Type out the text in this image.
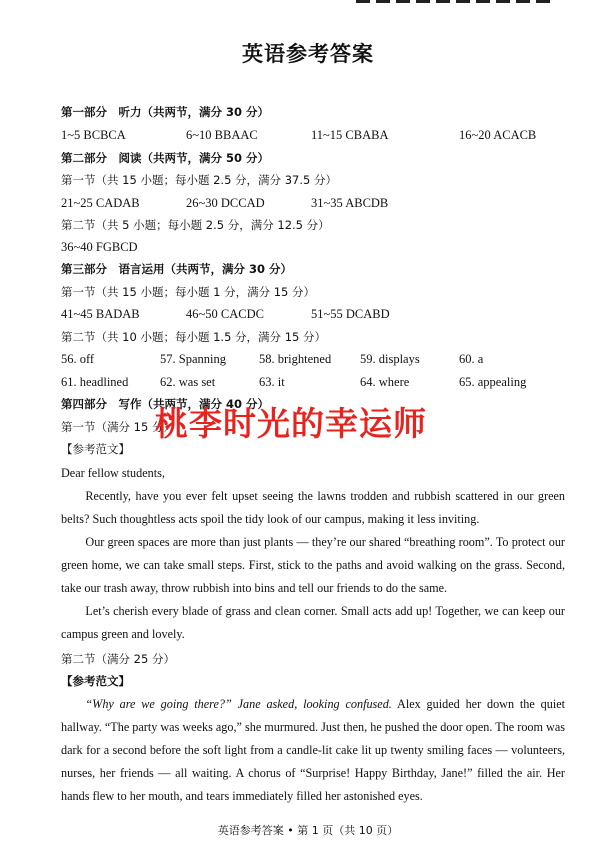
英语参考答案
第一部分　听力（共两节，满分 30 分）
1~5 BCBCA	6~10 BBAAC	11~15 CBABA	16~20 ACACB
第二部分　阅读（共两节，满分 50 分）
第一节（共 15 小题；每小题 2.5 分，满分 37.5 分）
21~25 CADAB	26~30 DCCAD	31~35 ABCDB
第二节（共 5 小题；每小题 2.5 分，满分 12.5 分）
36~40 FGBCD
第三部分　语言运用（共两节，满分 30 分）
第一节（共 15 小题；每小题 1 分，满分 15 分）
41~45 BADAB	46~50 CACDC	51~55 DCABD
第二节（共 10 小题；每小题 1.5 分，满分 15 分）
56. off	57. Spanning	58. brightened 59. displays	60. a
61. headlined	62. was set	63. it	64. where	65. appealing
第四部分　写作（共两节，满分 40 分）
第一节（满分 15 分）
【参考范文】
Dear fellow students,
Recently, have you ever felt upset seeing the lawns trodden and rubbish scattered in our green belts? Such thoughtless acts spoil the tidy look of our campus, making it less inviting.
Our green spaces are more than just plants — they’re our shared “breathing room”. To protect our green home, we can take small steps. First, stick to the paths and avoid walking on the grass. Second, take our trash away, throw rubbish into bins and tell our friends to do the same.
Let’s cherish every blade of grass and clean corner. Small acts add up! Together, we can keep our campus green and lovely.
第二节（满分 25 分）
【参考范文】
“Why are we going there?” Jane asked, looking confused. Alex guided her down the quiet hallway. “The party was weeks ago,” she murmured. Just then, he pushed the door open. The room was dark for a second before the soft light from a candle-lit cake lit up twenty smiling faces — volunteers, nurses, her friends — all waiting. A chorus of “Surprise! Happy Birthday, Jane!” filled the air. Her hands flew to her mouth, and tears immediately filled her astonished eyes.
桃李时光的幸运师
英语参考答案 • 第 1 页（共 10 页）
